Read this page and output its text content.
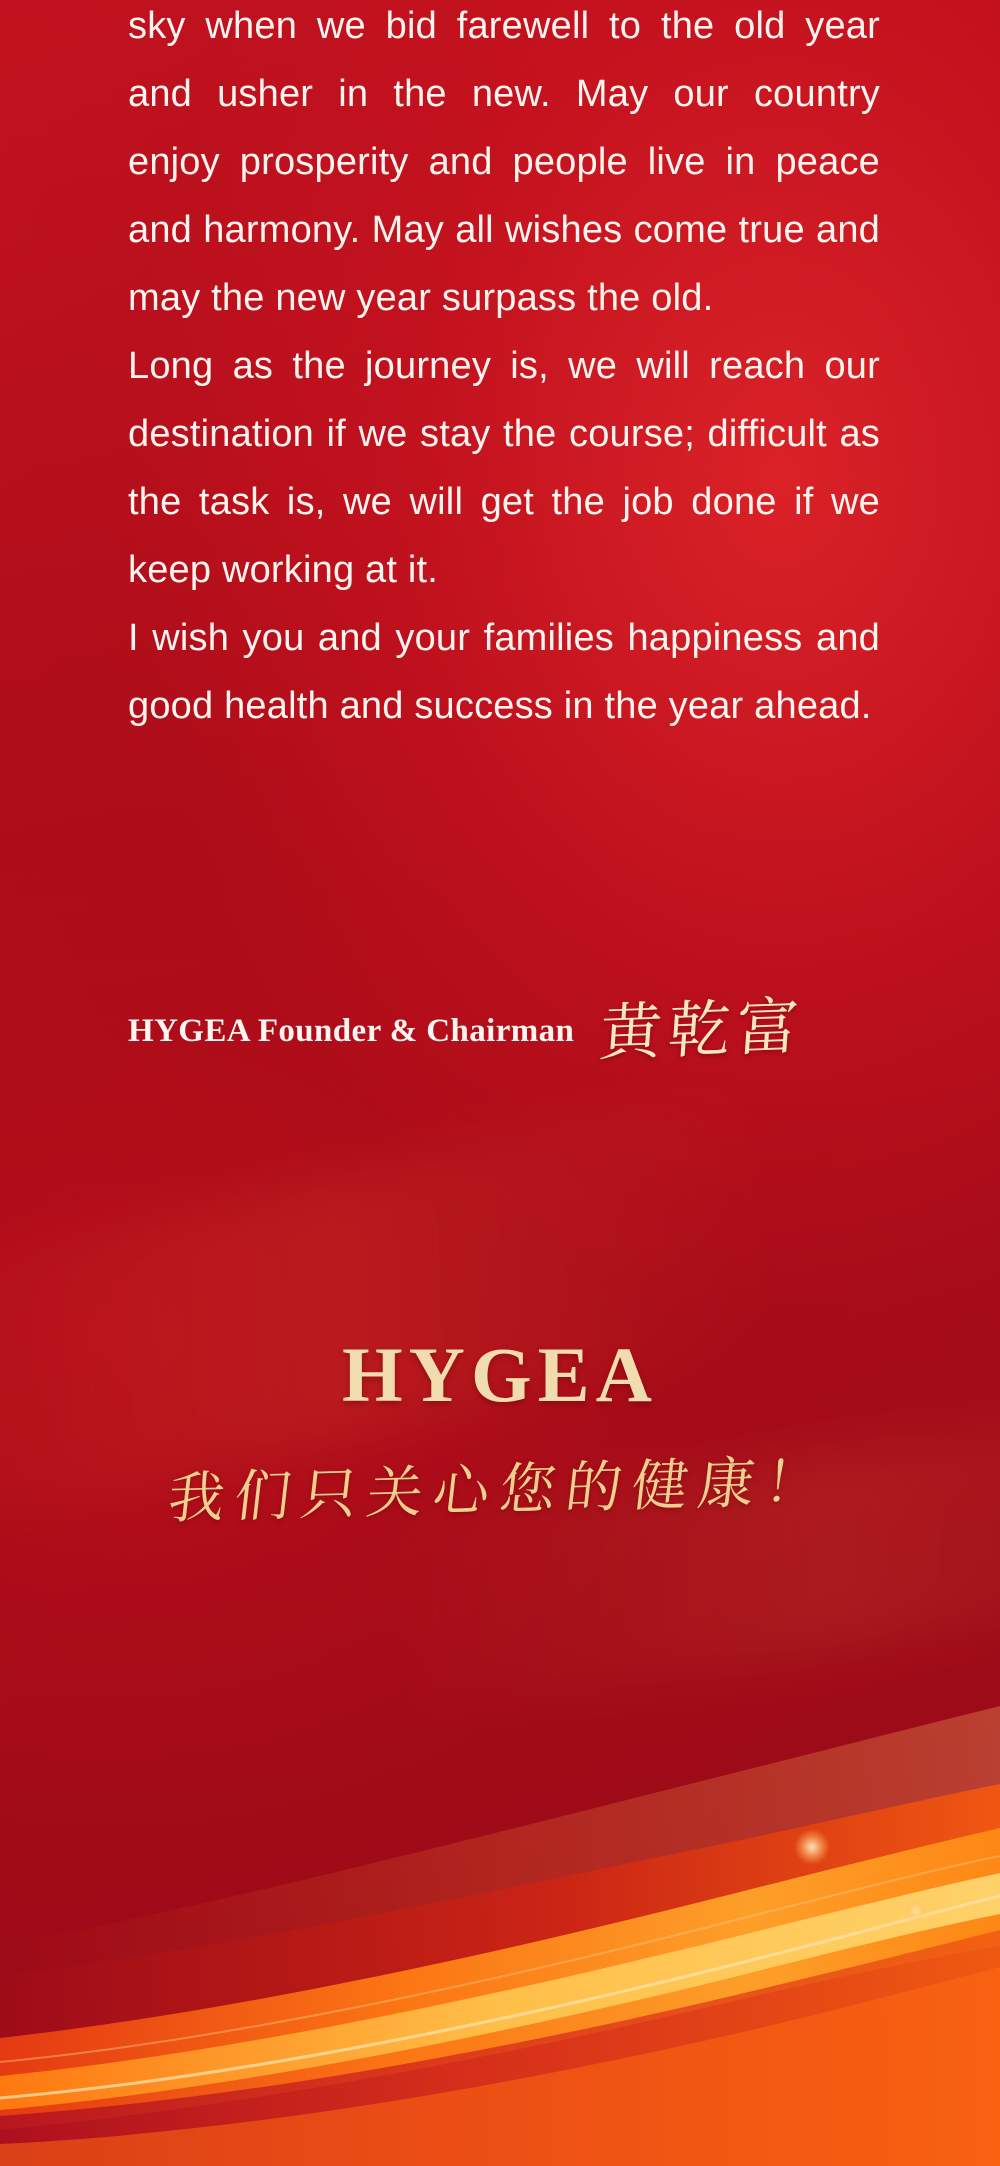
sky when we bid farewell to the old year and usher in the new. May our country enjoy prosperity and people live in peace and harmony. May all wishes come true and may the new year surpass the old.

Long as the journey is, we will reach our destination if we stay the course; difficult as the task is, we will get the job done if we keep working at it.

I wish you and your families happiness and good health and success in the year ahead.

HYGEA Founder & Chairman 黄乾富
HYGEA
我们只关心您的健康！
